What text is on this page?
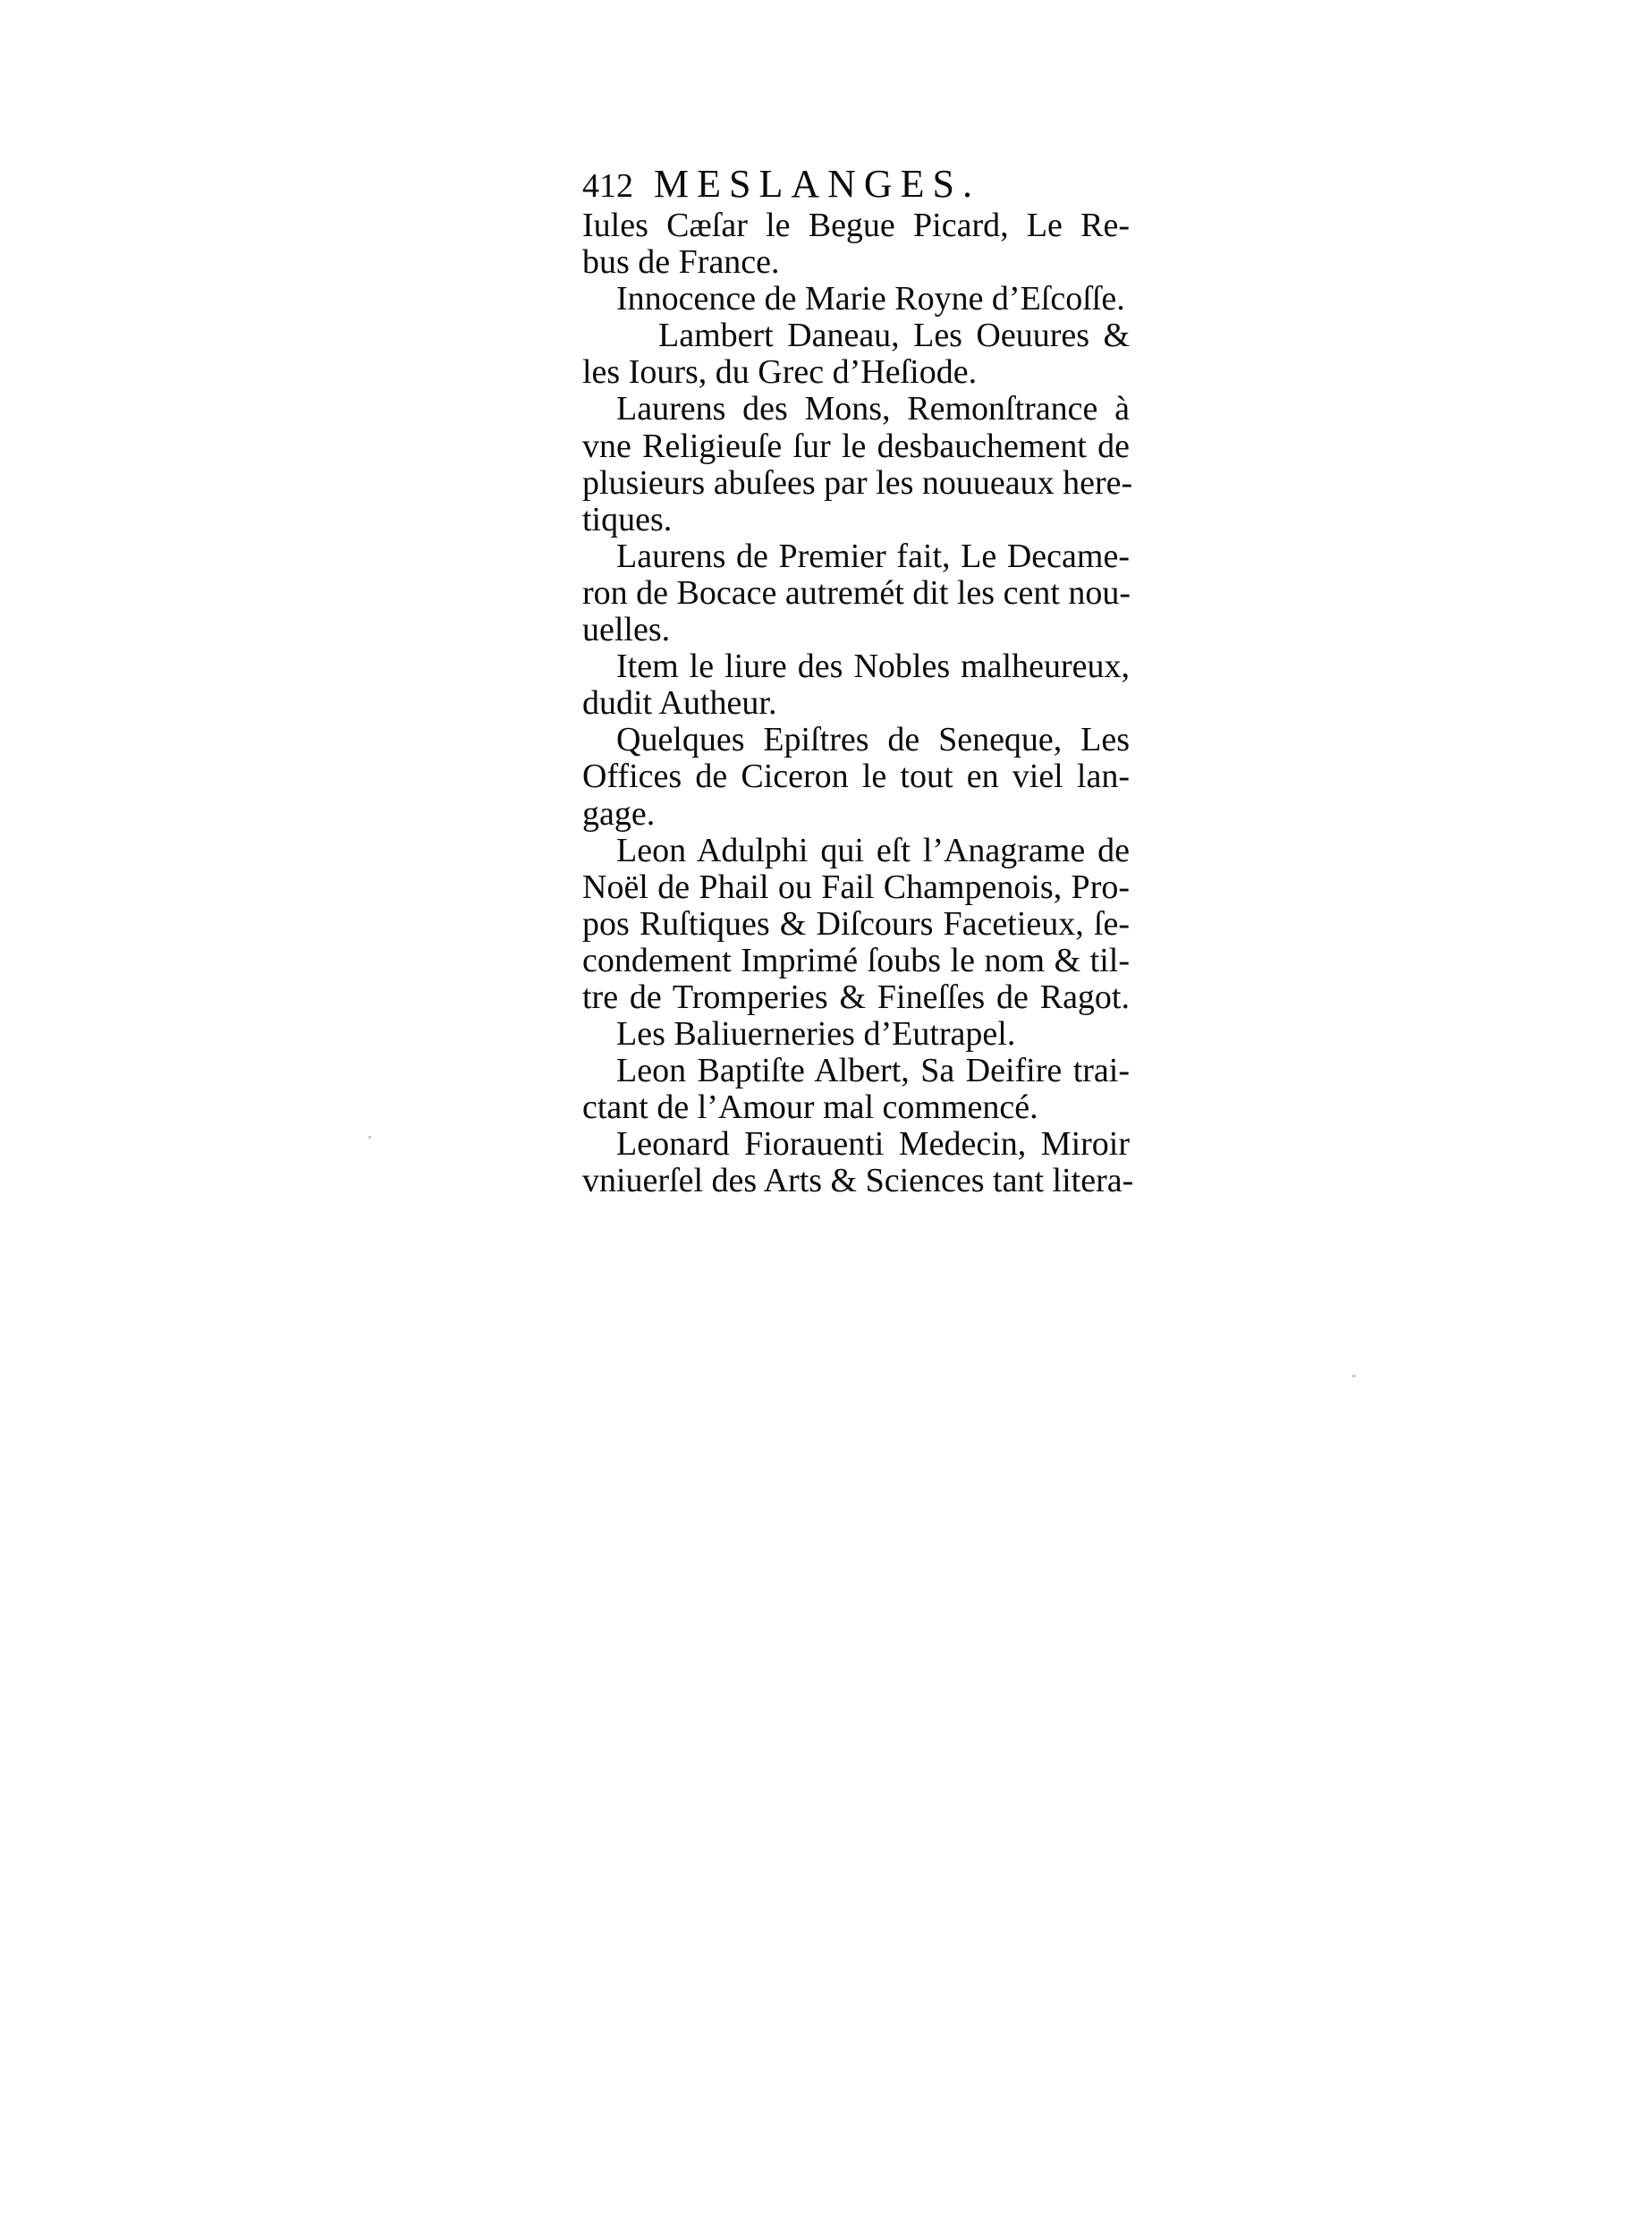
412 MESLANGES.
Iules Cæſar le Begue Picard, Le Re-
bus de France.
Innocence de Marie Royne d’Eſcoſſe.
Lambert Daneau, Les Oeuures &
les Iours, du Grec d’Heſiode.
Laurens des Mons, Remonſtrance à
vne Religieuſe ſur le desbauchement de
plusieurs abuſees par les nouueaux here-
tiques.
Laurens de Premier fait, Le Decame-
ron de Bocace autremét dit les cent nou-
uelles.
Item le liure des Nobles malheureux,
dudit Autheur.
Quelques Epiſtres de Seneque, Les
Offices de Ciceron le tout en viel lan-
gage.
Leon Adulphi qui eſt l’Anagrame de
Noël de Phail ou Fail Champenois, Pro-
pos Ruſtiques & Diſcours Facetieux, ſe-
condement Imprimé ſoubs le nom & til-
tre de Tromperies & Fineſſes de Ragot.
Les Baliuerneries d’Eutrapel.
Leon Baptiſte Albert, Sa Deifire trai-
ctant de l’Amour mal commencé.
Leonard Fiorauenti Medecin, Miroir
vniuerſel des Arts & Sciences tant litera-
